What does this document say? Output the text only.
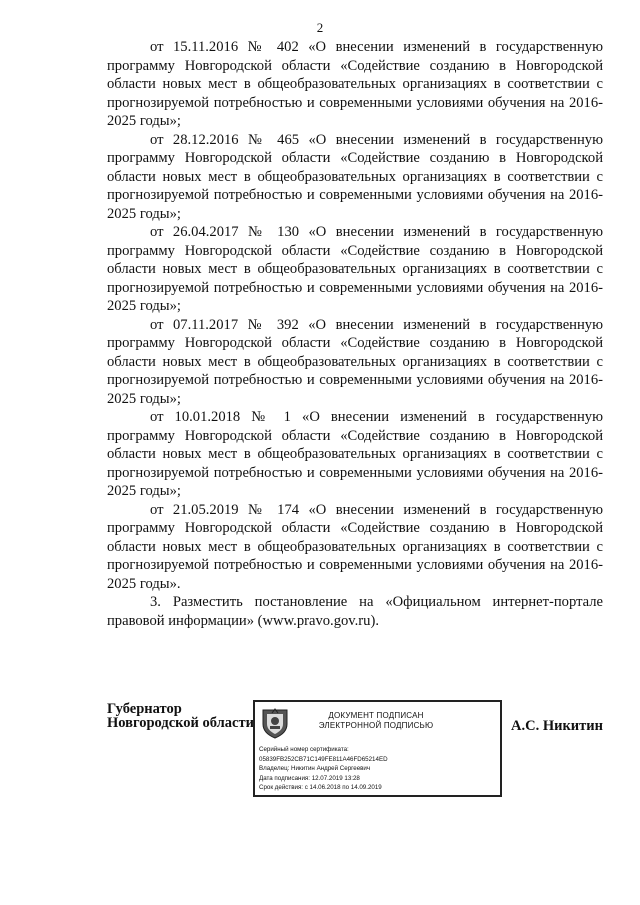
2

от 15.11.2016 № 402 «О внесении изменений в государственную программу Новгородской области «Содействие созданию в Новгородской области новых мест в общеобразовательных организациях в соответствии с прогнозируемой потребностью и современными условиями обучения на 2016-2025 годы»;

от 28.12.2016 № 465 «О внесении изменений в государственную программу Новгородской области «Содействие созданию в Новгородской области новых мест в общеобразовательных организациях в соответствии с прогнозируемой потребностью и современными условиями обучения на 2016-2025 годы»;

от 26.04.2017 № 130 «О внесении изменений в государственную программу Новгородской области «Содействие созданию в Новгородской области новых мест в общеобразовательных организациях в соответствии с прогнозируемой потребностью и современными условиями обучения на 2016-2025 годы»;

от 07.11.2017 № 392 «О внесении изменений в государственную программу Новгородской области «Содействие созданию в Новгородской области новых мест в общеобразовательных организациях в соответствии с прогнозируемой потребностью и современными условиями обучения на 2016-2025 годы»;

от 10.01.2018 № 1 «О внесении изменений в государственную программу Новгородской области «Содействие созданию в Новгородской области новых мест в общеобразовательных организациях в соответствии с прогнозируемой потребностью и современными условиями обучения на 2016-2025 годы»;

от 21.05.2019 № 174 «О внесении изменений в государственную программу Новгородской области «Содействие созданию в Новгородской области новых мест в общеобразовательных организациях в соответствии с прогнозируемой потребностью и современными условиями обучения на 2016-2025 годы».

3. Разместить постановление на «Официальном интернет-портале правовой информации» (www.pravo.gov.ru).

Губернатор
Новгородской области	ДОКУМЕНТ ПОДПИСАН
ЭЛЕКТРОННОЙ ПОДПИСЬЮ
Серийный номер сертификата:
05839FB252CB71C149FE811A46FD65214ED
Владелец: Никитин Андрей Сергеевич
Дата подписания: 12.07.2019 13:28
Срок действия: с 14.06.2018 по 14.09.2019
А.С. Никитин
